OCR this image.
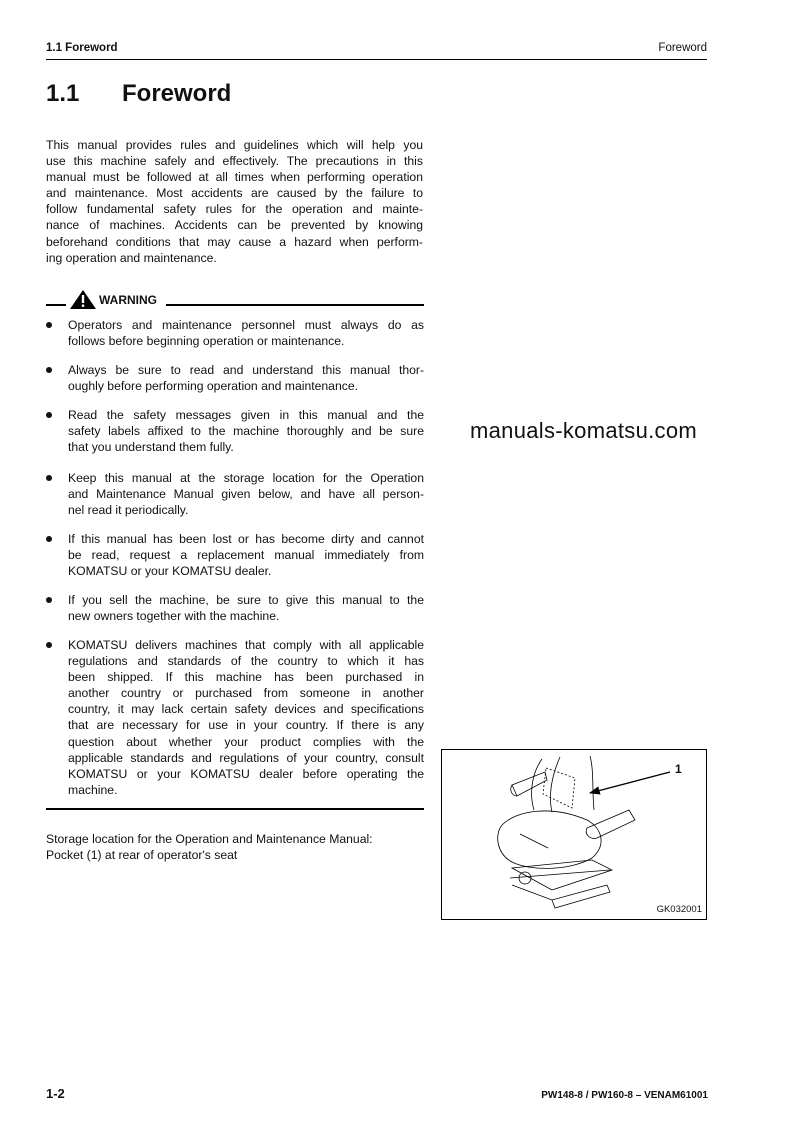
1.1 Foreword	Foreword
1.1 Foreword
This manual provides rules and guidelines which will help you
use this machine safely and effectively. The precautions in this
manual must be followed at all times when performing operation
and maintenance. Most accidents are caused by the failure to
follow fundamental safety rules for the operation and mainte-
nance of machines. Accidents can be prevented by knowing
beforehand conditions that may cause a hazard when perform-
ing operation and maintenance.
WARNING
Operators and maintenance personnel must always do as
follows before beginning operation or maintenance.
Always be sure to read and understand this manual thor-
oughly before performing operation and maintenance.
Read the safety messages given in this manual and the
safety labels affixed to the machine thoroughly and be sure
that you understand them fully.
Keep this manual at the storage location for the Operation
and Maintenance Manual given below, and have all person-
nel read it periodically.
If this manual has been lost or has become dirty and cannot
be read, request a replacement manual immediately from
KOMATSU or your KOMATSU dealer.
If you sell the machine, be sure to give this manual to the
new owners together with the machine.
KOMATSU delivers machines that comply with all applicable
regulations and standards of the country to which it has
been shipped. If this machine has been purchased in
another country or purchased from someone in another
country, it may lack certain safety devices and specifications
that are necessary for use in your country. If there is any
question about whether your product complies with the
applicable standards and regulations of your country, consult
KOMATSU or your KOMATSU dealer before operating the
machine.
Storage location for the Operation and Maintenance Manual:
Pocket (1) at rear of operator's seat
1
GK032001
manuals-komatsu.com
1-2	PW148-8 / PW160-8 – VENAM61001
